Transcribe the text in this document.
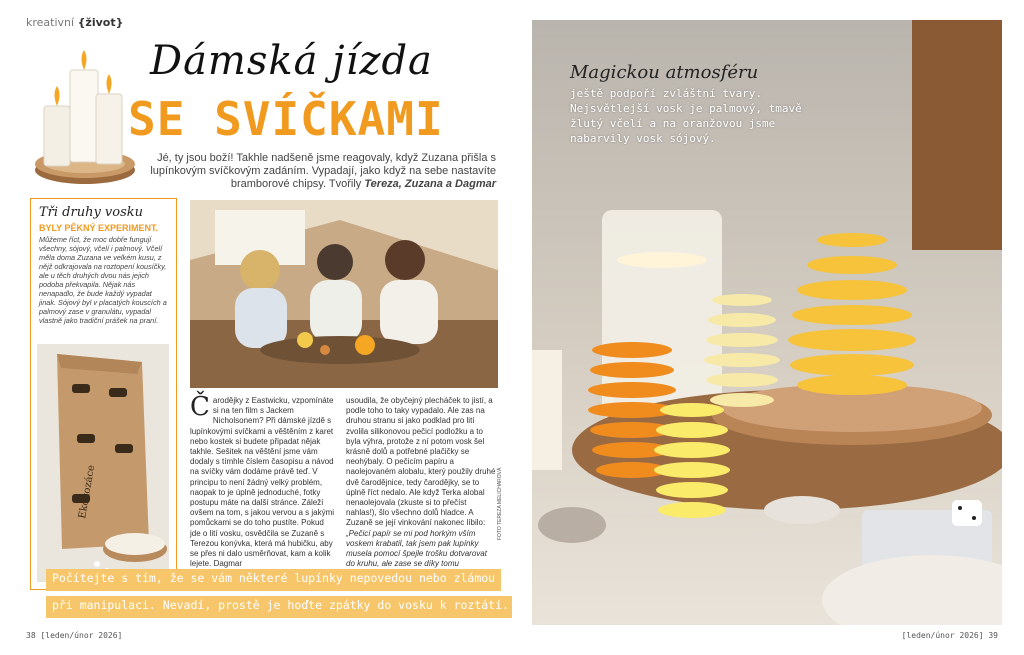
kreativní {život}
Dámská jízda
SE SVÍČKAMI
Jé, ty jsou boží! Takhle nadšeně jsme reagovaly, když Zuzana přišla s lupínkovým svíčkovým zadáním. Vypadají, jako když na sebe nastavíte bramborové chipsy. Tvořily Tereza, Zuzana a Dagmar
Tři druhy vosku
BYLY PĚKNÝ EXPERIMENT.
Můžeme říct, že moc dobře fungují všechny, sójový, včelí i palmový. Včelí měla doma Zuzana ve velkém kusu, z nějž odkrajovala na roztopení kousíčky, ale u těch druhých dvou nás jejich podoba překvapila. Nějak nás nenapadlo, že bude každý vypadat jinak. Sójový byl v placatých kouscích a palmový zase v granulátu, vypadal vlastně jako tradiční prášek na praní.
Ekokozáce
Č arodějky z Eastwicku, vzpomínáte si na ten film s Jackem Nicholsonem? Při dámské jízdě s lupínkovými svíčkami a věštěním z karet nebo kostek si budete připadat nějak takhle. Sešitek na věštění jsme vám dodaly s tímhle číslem časopisu a návod na svíčky vám dodáme právě teď. V principu to není žádný velký problém, naopak to je úplně jednoduché, fotky postupu máte na další stránce. Záleží ovšem na tom, s jakou vervou a s jakými pomůckami se do toho pustíte. Pokud jde o lití vosku, osvědčila se Zuzaně s Terezou konývka, která má hubičku, aby se přes ni dalo usměrňovat, kam a kolik lejete. Dagmar
usoudila, že obyčejný plecháček to jistí, a podle toho to taky vypadalo. Ale zas na druhou stranu si jako podklad pro lití zvolila silikonovou pečicí podložku a to byla výhra, protože z ní potom vosk šel krásně dolů a potřebné plačičky se neohýbaly. O pečicím papíru a naolejovaném alobalu, který použily druhé dvě čarodějnice, tedy čarodějky, se to úplně říct nedalo. Ale když Terka alobal nenaolejovala (zkuste si to přečíst nahlas!), šlo všechno dolů hladce. A Zuzaně se její vinkování nakonec líbilo: „Pečicí papír se mi pod horkým vším voskem krabatil, tak jsem pak lupínky musela pomocí špejle trošku dotvarovat do kruhu, ale zase se díky tomu
FOTO TEREZA MELICHAROVÁ
Počítejte s tím, že se vám některé lupínky nepovedou nebo zlámou
při manipulaci. Nevadí, prostě je hoďte zpátky do vosku k roztátí.
38 [leden/únor 2026]
Magickou atmosféru
ještě podpoří zvláštní tvary. Nejsvětlejší vosk je palmový, tmavě žlutý včelí a na oranžovou jsme nabarvily vosk sójový.
[leden/únor 2026] 39
